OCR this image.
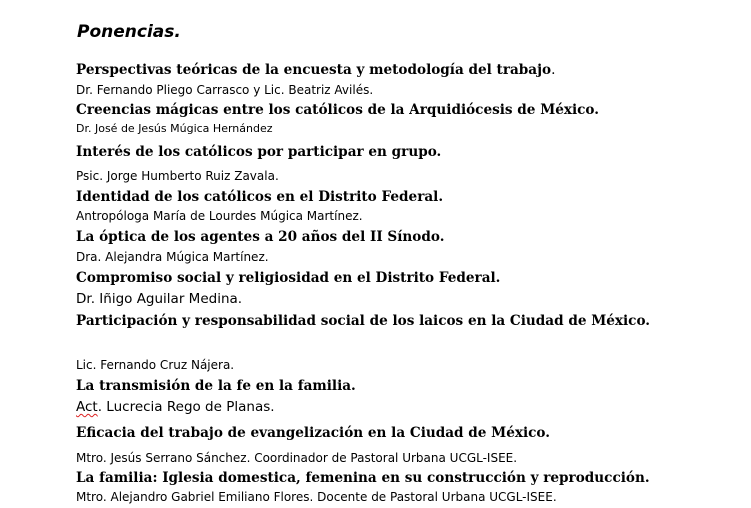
Ponencias.

Perspectivas teóricas de la encuesta y metodología del trabajo.

Dr. Fernando Pliego Carrasco y Lic. Beatriz Avilés.

Creencias mágicas entre los católicos de la Arquidiócesis de México.

Dr. José de Jesús Múgica Hernández

Interés de los católicos por participar en grupo.

Psic. Jorge Humberto Ruiz Zavala.

Identidad de los católicos en el Distrito Federal.

Antropóloga María de Lourdes Múgica Martínez.

La óptica de los agentes a 20 años del II Sínodo.

Dra. Alejandra Múgica Martínez.

Compromiso social y religiosidad en el Distrito Federal.

Dr. Iñigo Aguilar Medina.

Participación y responsabilidad social de los laicos en la Ciudad de México.

Lic. Fernando Cruz Nájera.

La transmisión de la fe en la familia.

Act. Lucrecia Rego de Planas.

Eficacia del trabajo de evangelización en la Ciudad de México.

Mtro. Jesús Serrano Sánchez. Coordinador de Pastoral Urbana UCGL-ISEE.

La familia: Iglesia domestica, femenina en su construcción y reproducción.

Mtro. Alejandro Gabriel Emiliano Flores. Docente de Pastoral Urbana UCGL-ISEE.
